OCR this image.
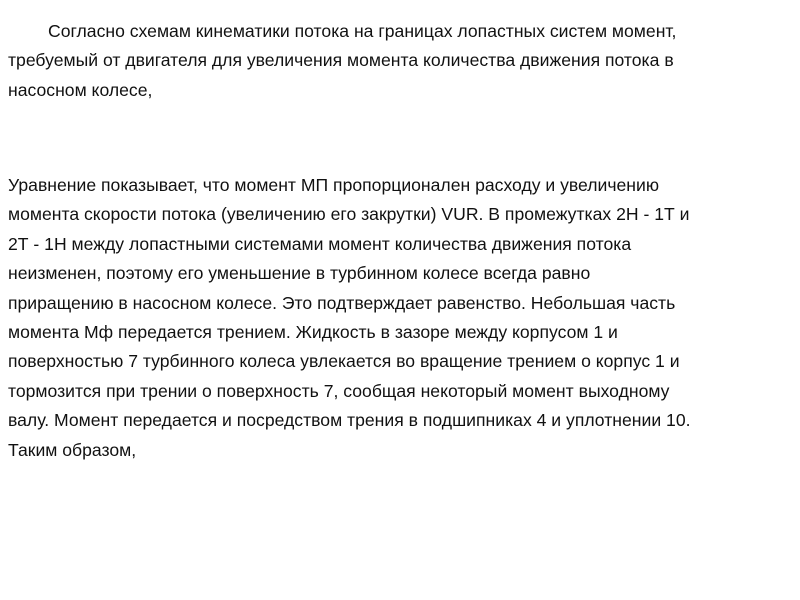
Согласно схемам кинематики потока на границах лопастных систем момент,
требуемый от двигателя для увеличения момента количества движения потока в
насосном колесе,

Уравнение показывает, что момент МП пропорционален расходу и увеличению
момента скорости потока (увеличению его закрутки) VUR. В промежутках 2Н - 1Т и
2Т - 1Н между лопастными системами момент количества движения потока
неизменен, поэтому его уменьшение в турбинном колесе всегда равно
приращению в насосном колесе. Это подтверждает равенство. Небольшая часть
момента Мф передается трением. Жидкость в зазоре между корпусом 1 и
поверхностью 7 турбинного колеса увлекается во вращение трением о корпус 1 и
тормозится при трении о поверхность 7, сообщая некоторый момент выходному
валу. Момент передается и посредством трения в подшипниках 4 и уплотнении 10.
Таким образом,
